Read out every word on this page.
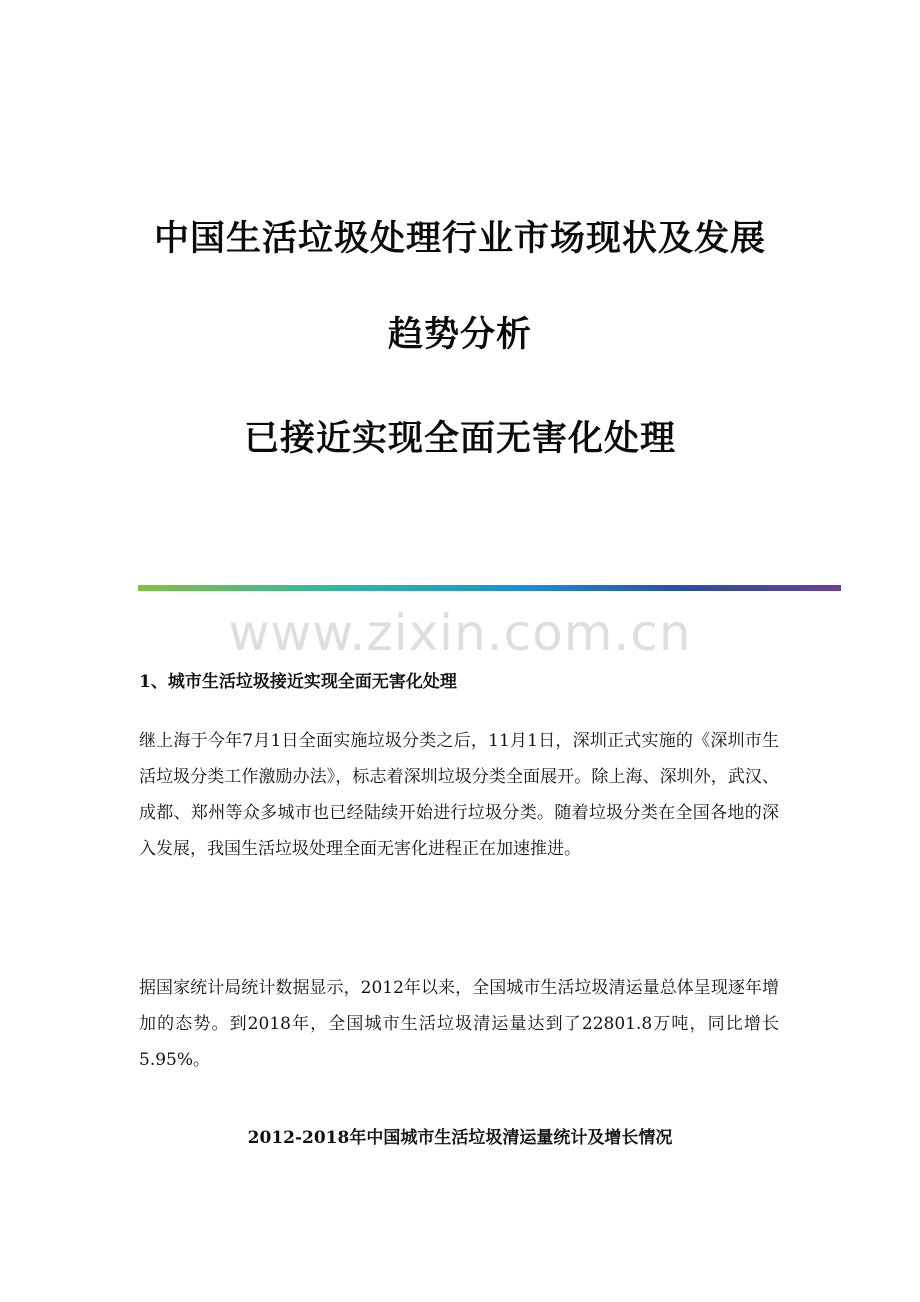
中国生活垃圾处理行业市场现状及发展
趋势分析
已接近实现全面无害化处理
www.zixin.com.cn
1、城市生活垃圾接近实现全面无害化处理

继上海于今年7月1日全面实施垃圾分类之后，11月1日，深圳正式实施的《深圳市生活垃圾分类工作激励办法》，标志着深圳垃圾分类全面展开。除上海、深圳外，武汉、成都、郑州等众多城市也已经陆续开始进行垃圾分类。随着垃圾分类在全国各地的深入发展，我国生活垃圾处理全面无害化进程正在加速推进。

据国家统计局统计数据显示，2012年以来，全国城市生活垃圾清运量总体呈现逐年增加的态势。到2018年，全国城市生活垃圾清运量达到了22801.8万吨，同比增长5.95%。

2012-2018年中国城市生活垃圾清运量统计及增长情况
